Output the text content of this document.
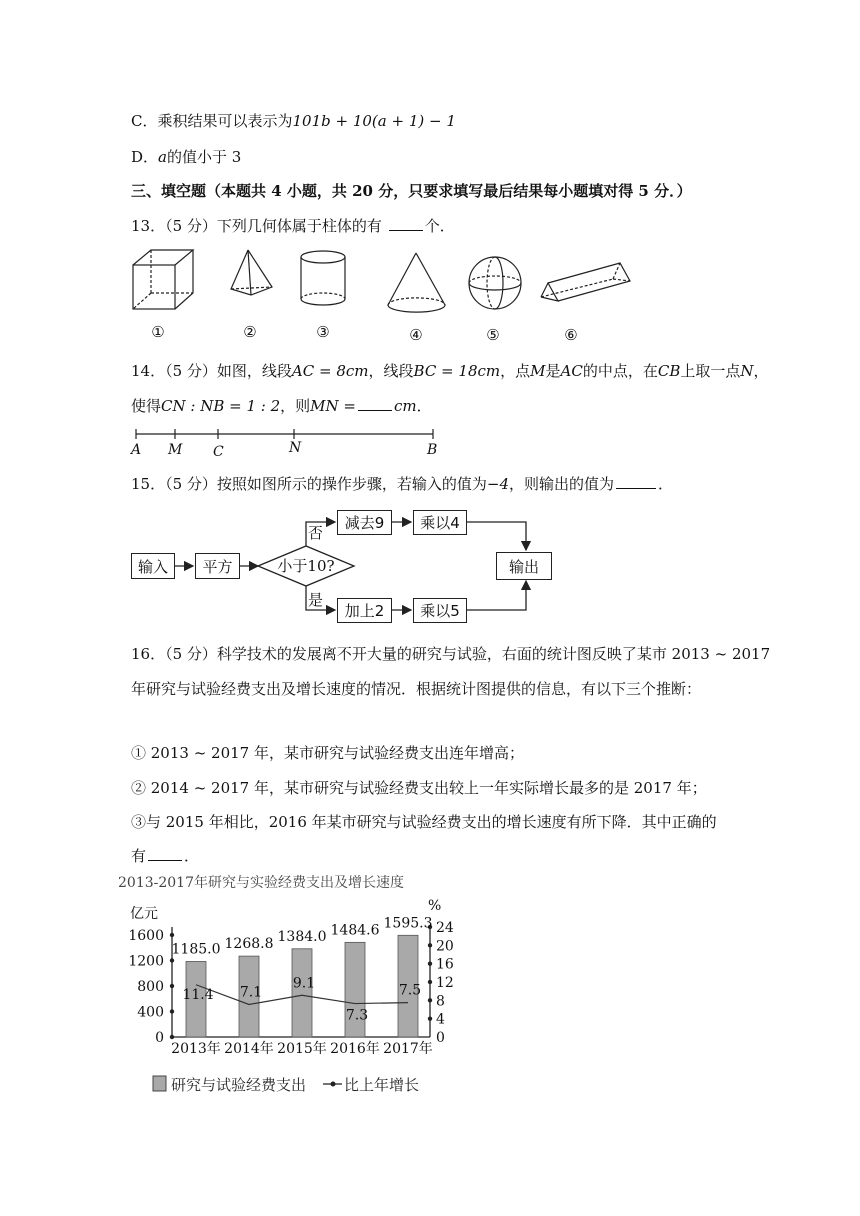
C．乘积结果可以表示为101b + 10(a + 1) − 1
D．a的值小于 3
三、填空题（本题共 4 小题，共 20 分，只要求填写最后结果每小题填对得 5 分．）
13．（5 分）下列几何体属于柱体的有	个．
①	②	③	④	⑤	⑥
14．（5 分）如图，线段AC = 8cm，线段BC = 18cm，点M是AC的中点，在CB上取一点N，
使得CN : NB = 1 : 2，则MN =	cm．
A M C	N	B
15．（5 分）按照如图所示的操作步骤，若输入的值为−4，则输出的值为	．
小于10?
输入	平方
否
是
减去9	乘以4
加上2	乘以5
输出
16．（5 分）科学技术的发展离不开大量的研究与试验，右面的统计图反映了某市 2013 ~ 2017
年研究与试验经费支出及增长速度的情况．根据统计图提供的信息，有以下三个推断：
① 2013 ~ 2017 年，某市研究与试验经费支出连年增高；
② 2014 ~ 2017 年，某市研究与试验经费支出较上一年实际增长最多的是 2017 年；
③与 2015 年相比，2016 年某市研究与试验经费支出的增长速度有所下降．其中正确的
有	．
2013-2017年研究与实验经费支出及增长速度
亿元	%
0
400
800
1200
1600
0
4
8
12
16
20
24
1185.0
2013年
1268.8
2014年
1384.0
2015年
1484.6
2016年
1595.3
2017年
11.4 7.1
9.1
7.3
7.5
研究与试验经费支出	比上年增长
